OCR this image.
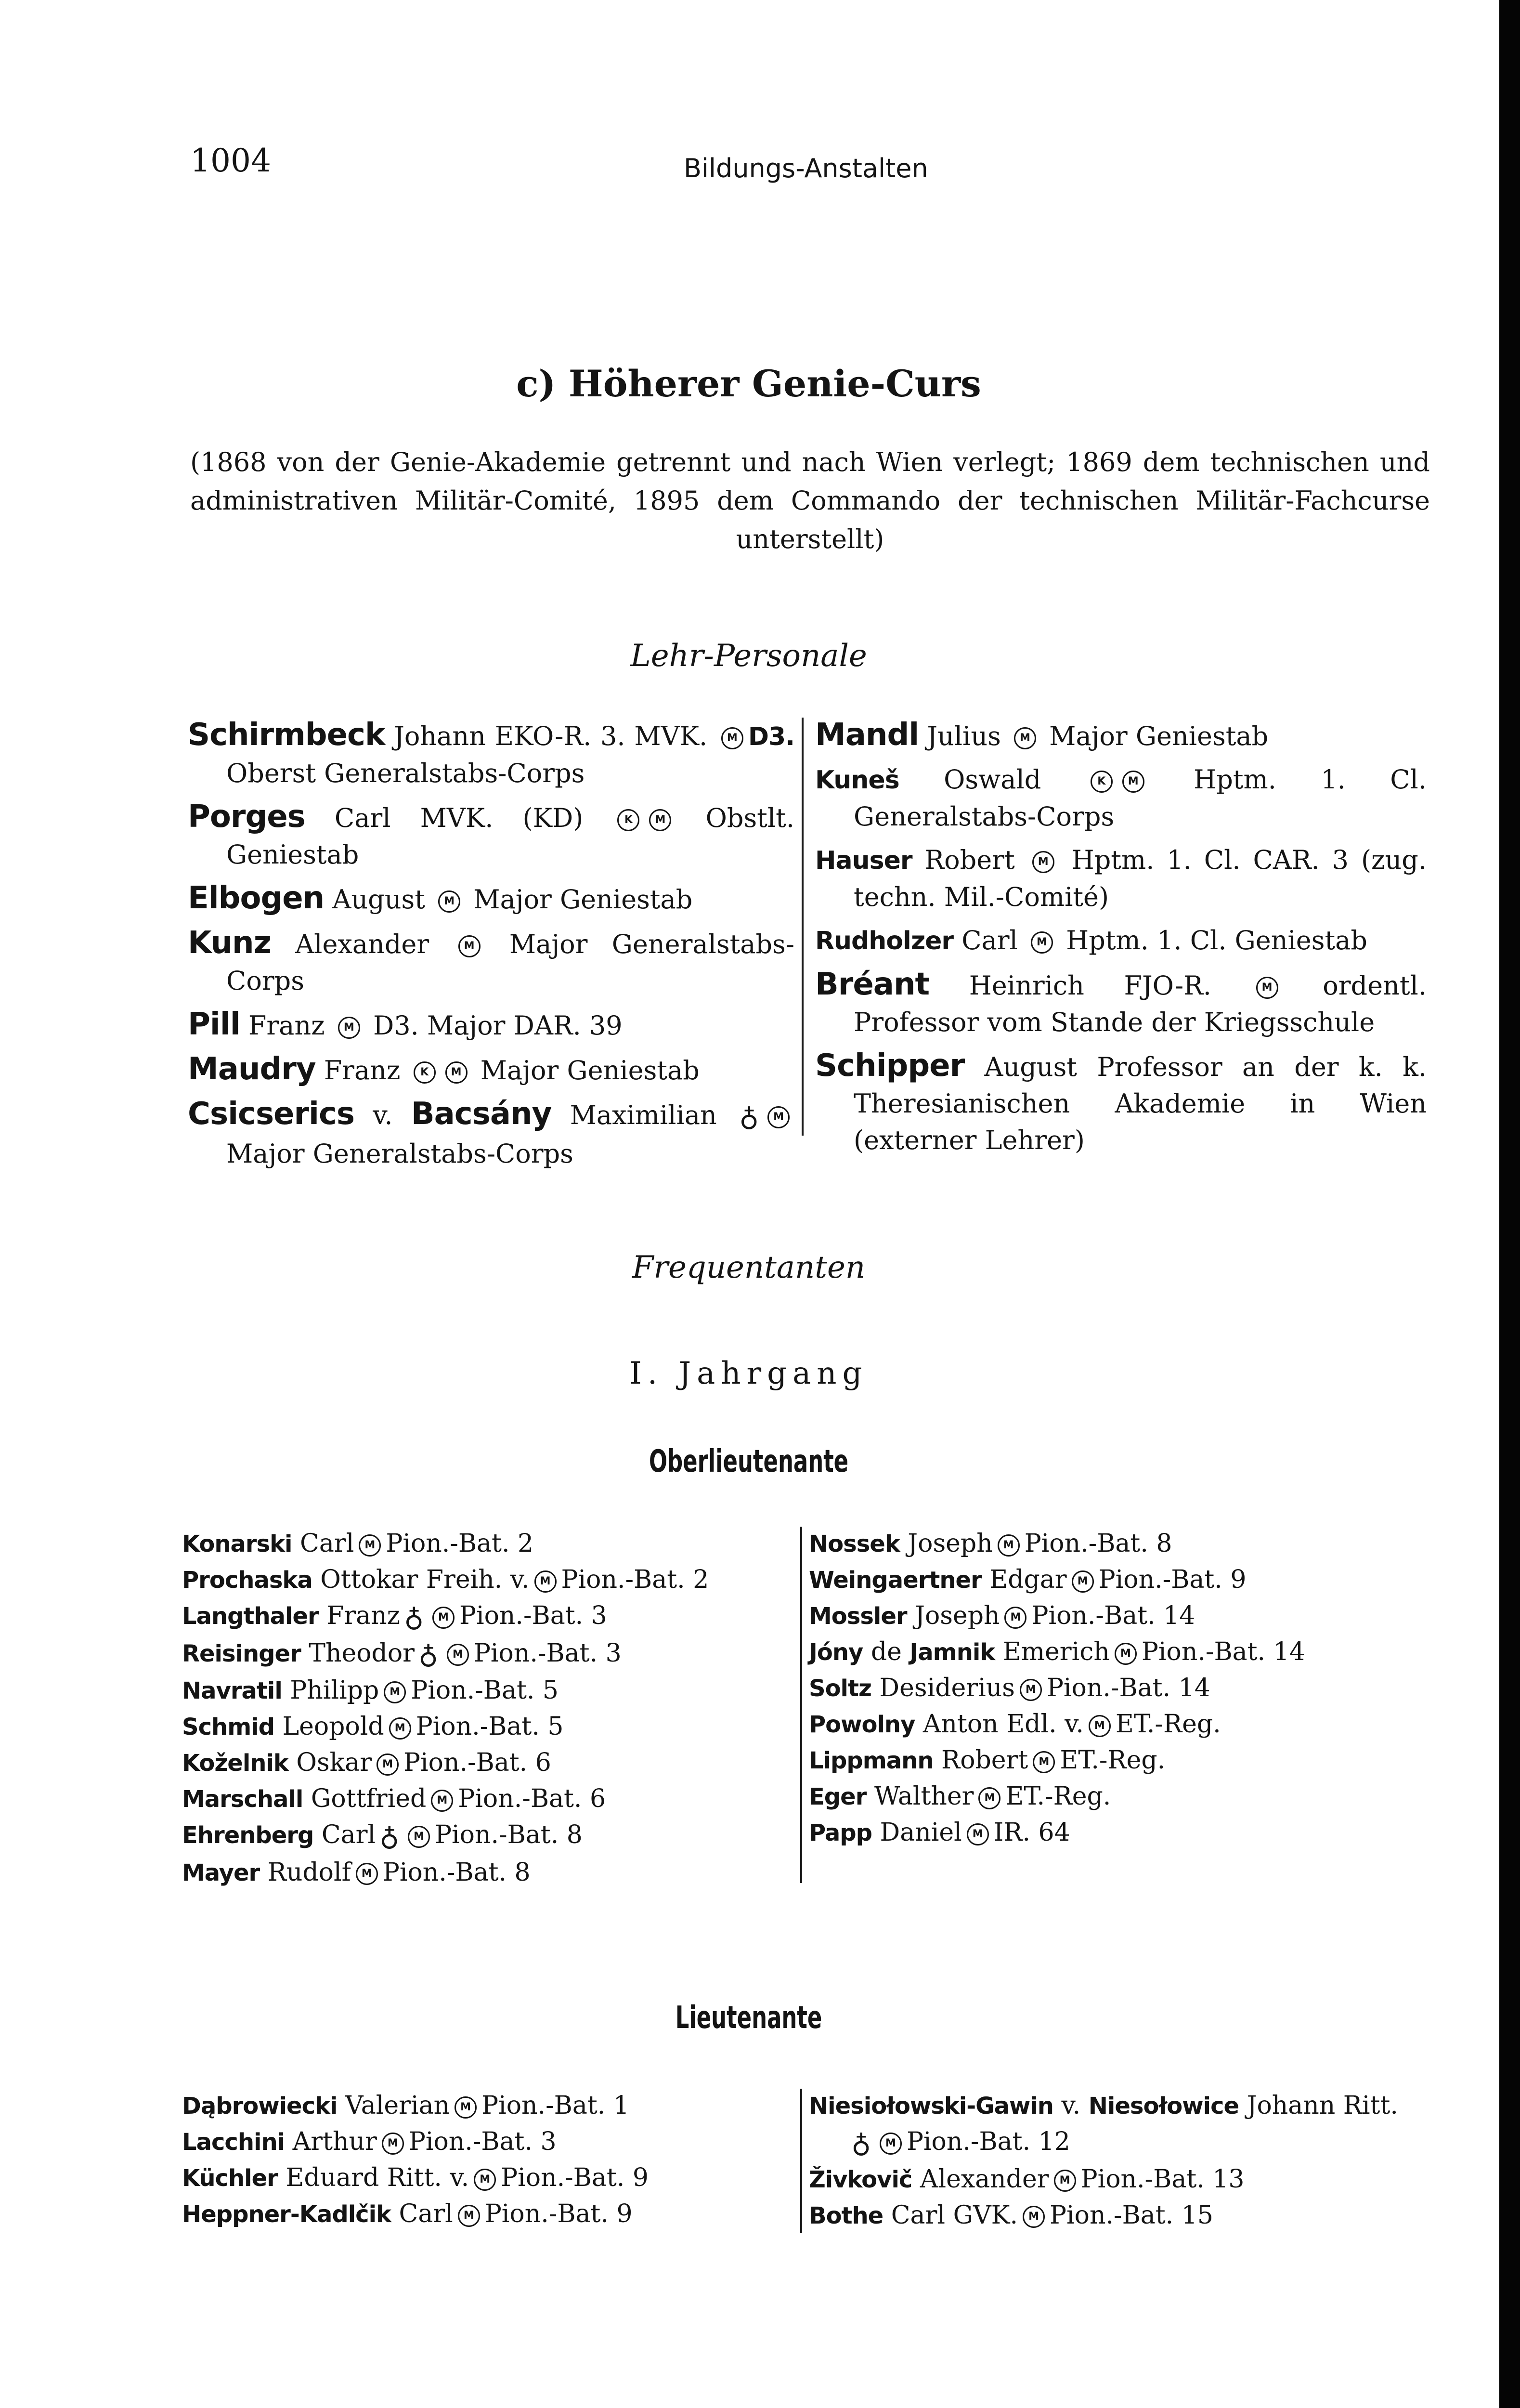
1004	Bildungs-Anstalten
c) Höherer Genie-Curs
(1868 von der Genie-Akademie getrennt und nach Wien verlegt; 1869 dem technischen und administrativen Militär-Comité, 1895 dem Commando der technischen Militär-Fachcurse unterstellt)
Lehr-Personale
Schirmbeck Johann EKO-R. 3. MVK. M D3. Oberst Generalstabs-Corps
Porges Carl MVK. (KD)	K M Obstlt. Geniestab
Elbogen August M Major Geniestab
Kunz Alexander	M Major Generalstabs-Corps
Pill Franz M D3. Major DAR. 39
Maudry Franz K M Major Geniestab
Csicserics v. Bacsány Maximilian ♁ M Major Generalstabs-Corps
Mandl Julius M Major Geniestab
Kuneš Oswald	K M Hptm. 1. Cl. Generalstabs-Corps
Hauser Robert M Hptm. 1. Cl. CAR. 3 (zug. techn. Mil.-Comité)
Rudholzer Carl M Hptm. 1. Cl. Geniestab
Bréant Heinrich FJO-R.	M ordentl. Professor vom Stande der Kriegsschule
Schipper August Professor an der k. k. Theresianischen Akademie in Wien (externer Lehrer)
Frequentanten
I. Jahrgang
Oberlieutenante
Konarski Carl M Pion.-Bat. 2
Prochaska Ottokar Freih. v. M Pion.-Bat. 2
Langthaler Franz ♁ M Pion.-Bat. 3
Reisinger Theodor ♁ M Pion.-Bat. 3
Navratil Philipp M Pion.-Bat. 5
Schmid Leopold M Pion.-Bat. 5
Koželnik Oskar M Pion.-Bat. 6
Marschall Gottfried M Pion.-Bat. 6
Ehrenberg Carl ♁ M Pion.-Bat. 8
Mayer Rudolf M Pion.-Bat. 8
Nossek Joseph M Pion.-Bat. 8
Weingaertner Edgar M Pion.-Bat. 9
Mossler Joseph M Pion.-Bat. 14
Jóny de Jamnik Emerich M Pion.-Bat. 14
Soltz Desiderius M Pion.-Bat. 14
Powolny Anton Edl. v. M ET.-Reg.
Lippmann Robert M ET.-Reg.
Eger Walther M ET.-Reg.
Papp Daniel M IR. 64
Lieutenante
Dąbrowiecki Valerian M Pion.-Bat. 1
Lacchini Arthur M Pion.-Bat. 3
Küchler Eduard Ritt. v. M Pion.-Bat. 9
Heppner-Kadlčik Carl M Pion.-Bat. 9
Niesiołowski-Gawin v. Niesołowice Johann Ritt. ♁ M Pion.-Bat. 12
Živkovič Alexander M Pion.-Bat. 13
Bothe Carl GVK. M Pion.-Bat. 15
